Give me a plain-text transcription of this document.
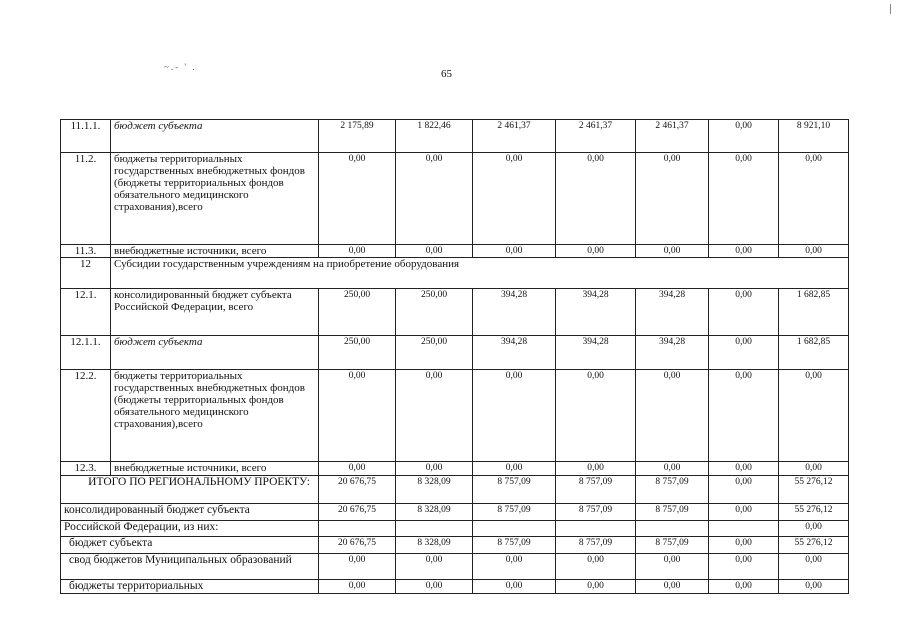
~.- ' .
65
11.1.1.	бюджет субъекта	2 175,89	1 822,46	2 461,37	2 461,37	2 461,37	0,00	8 921,10
11.2.	бюджеты территориальных государственных внебюджетных фондов (бюджеты территориальных фондов обязательного медицинского страхования),всего	0,00	0,00	0,00	0,00	0,00	0,00	0,00
11.3.	внебюджетные источники, всего	0,00	0,00	0,00	0,00	0,00	0,00	0,00
12	Субсидии государственным учреждениям на приобретение оборудования							
12.1.	консолидированный бюджет субъекта Российской Федерации, всего	250,00	250,00	394,28	394,28	394,28	0,00	1 682,85
12.1.1.	бюджет субъекта	250,00	250,00	394,28	394,28	394,28	0,00	1 682,85
12.2.	бюджеты территориальных государственных внебюджетных фондов (бюджеты территориальных фондов обязательного медицинского страхования),всего	0,00	0,00	0,00	0,00	0,00	0,00	0,00
12.3.	внебюджетные источники, всего	0,00	0,00	0,00	0,00	0,00	0,00	0,00
ИТОГО ПО РЕГИОНАЛЬНОМУ ПРОЕКТУ:		20 676,75	8 328,09	8 757,09	8 757,09	8 757,09	0,00	55 276,12
консолидированный бюджет субъекта		20 676,75	8 328,09	8 757,09	8 757,09	8 757,09	0,00	55 276,12
Российской Федерации, из них:								0,00
бюджет субъекта		20 676,75	8 328,09	8 757,09	8 757,09	8 757,09	0,00	55 276,12
свод бюджетов Муниципальных образований		0,00	0,00	0,00	0,00	0,00	0,00	0,00
бюджеты территориальных		0,00	0,00	0,00	0,00	0,00	0,00	0,00
